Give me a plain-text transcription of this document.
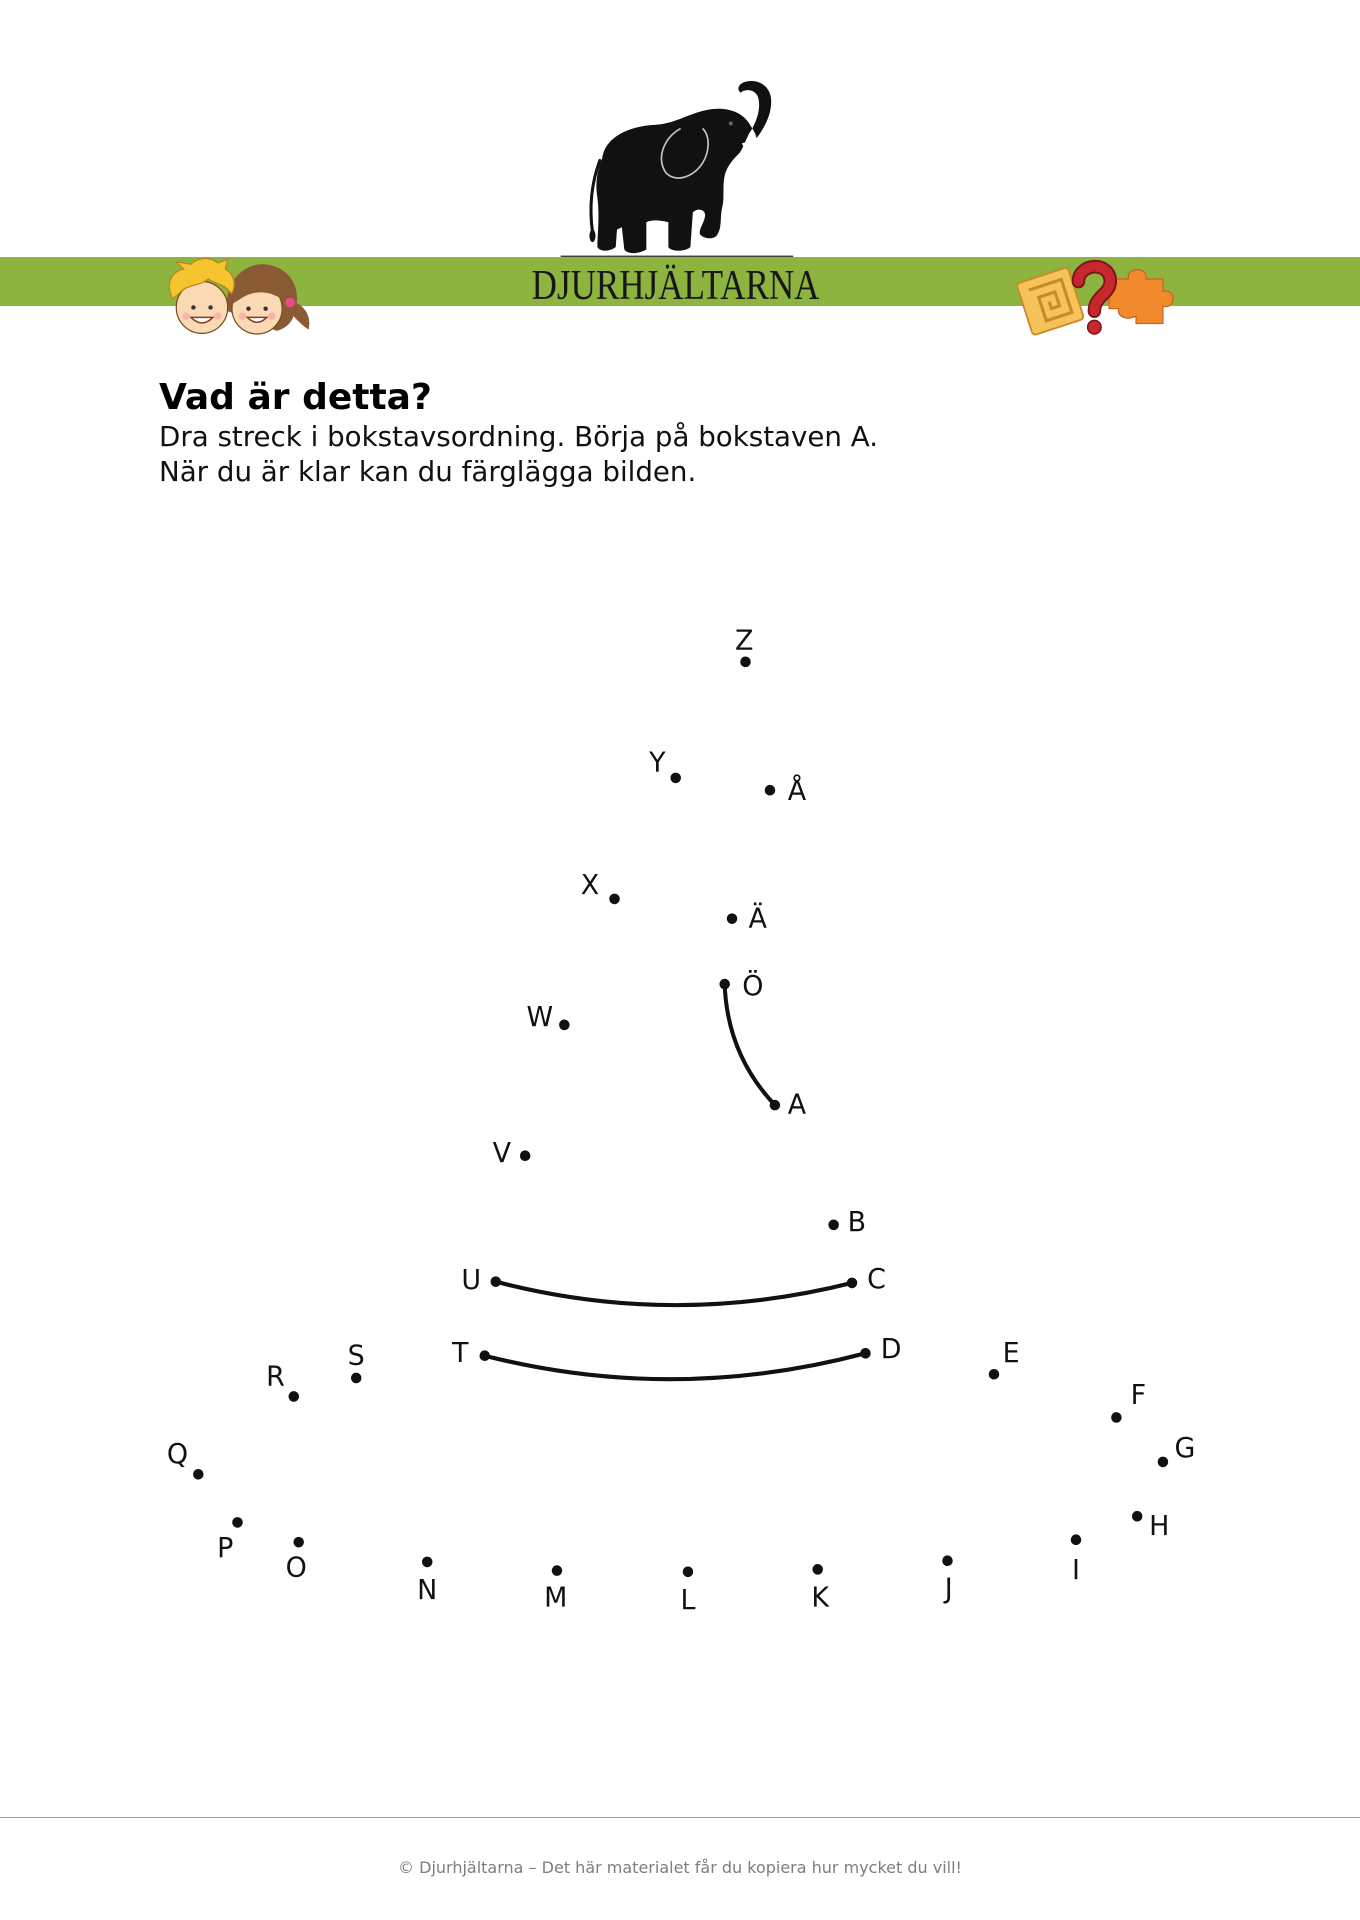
A
B
C
D	E
F
G
H
I
J
K
L
M
N
O
P
Q
R
S	T
U
V
W
X
Y
Z
Å
Ä
Ö
DJURHJÄLTARNA
Vad är detta?
Dra streck i bokstavsordning. Börja på bokstaven A.
När du är klar kan du färglägga bilden.
© Djurhjältarna – Det här materialet får du kopiera hur mycket du vill!
